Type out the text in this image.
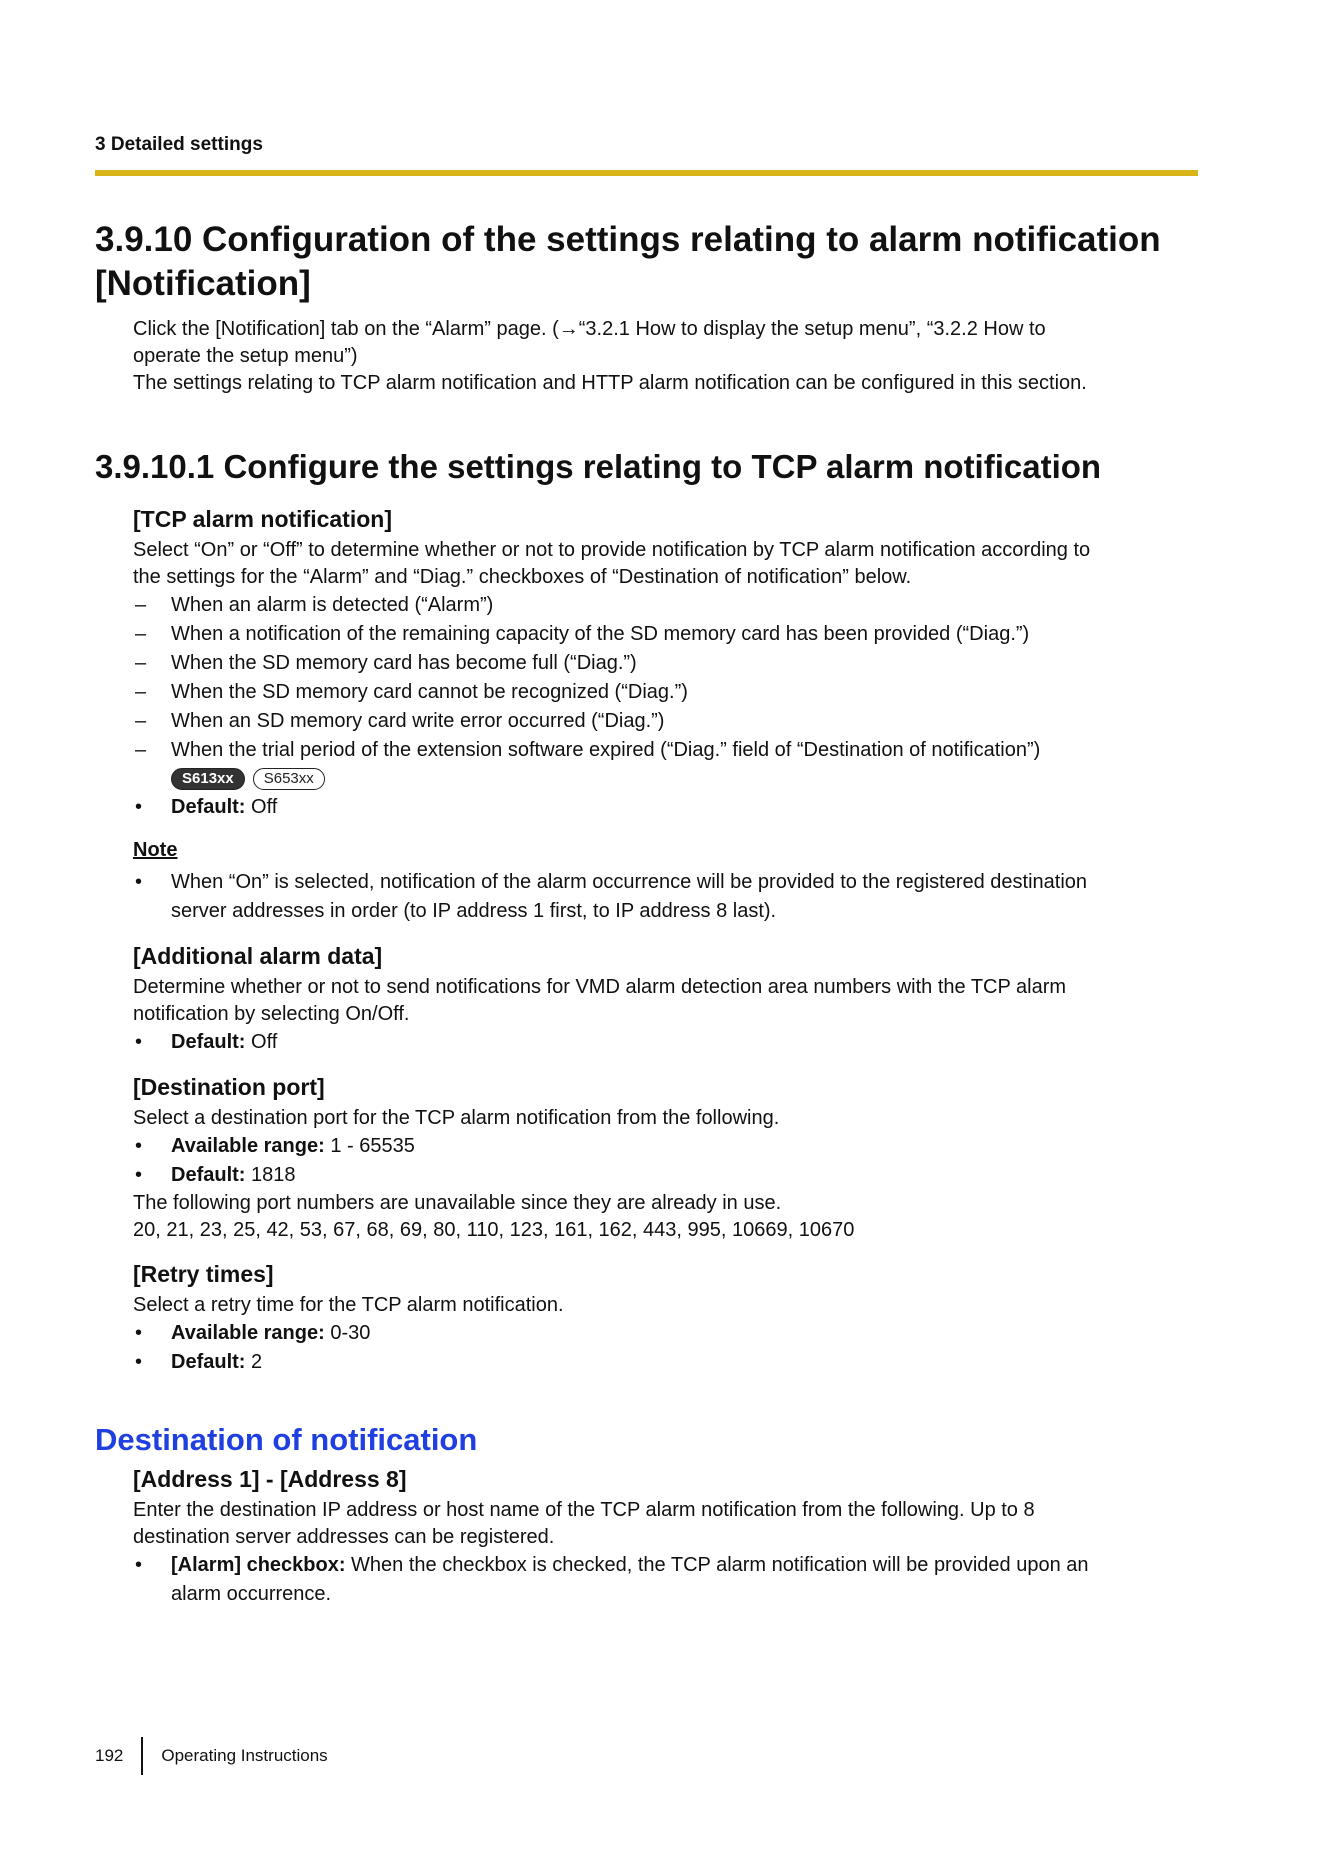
3 Detailed settings
3.9.10 Configuration of the settings relating to alarm notification
[Notification]

Click the [Notification] tab on the “Alarm” page. (→“3.2.1 How to display the setup menu”, “3.2.2 How to

operate the setup menu”)

The settings relating to TCP alarm notification and HTTP alarm notification can be configured in this section.

3.9.10.1 Configure the settings relating to TCP alarm notification
[TCP alarm notification]

Select “On” or “Off” to determine whether or not to provide notification by TCP alarm notification according to

the settings for the “Alarm” and “Diag.” checkboxes of “Destination of notification” below.

–	When an alarm is detected (“Alarm”)
–	When a notification of the remaining capacity of the SD memory card has been provided (“Diag.”)
–	When the SD memory card has become full (“Diag.”)
–	When the SD memory card cannot be recognized (“Diag.”)
–	When an SD memory card write error occurred (“Diag.”)
–	When the trial period of the extension software expired (“Diag.” field of “Destination of notification”)
S613xx	S653xx
•	Default: Off
Note
•	When “On” is selected, notification of the alarm occurrence will be provided to the registered destination
server addresses in order (to IP address 1 first, to IP address 8 last).
[Additional alarm data]

Determine whether or not to send notifications for VMD alarm detection area numbers with the TCP alarm

notification by selecting On/Off.

•	Default: Off
[Destination port]

Select a destination port for the TCP alarm notification from the following.

•	Available range: 1 - 65535
•	Default: 1818

The following port numbers are unavailable since they are already in use.

20, 21, 23, 25, 42, 53, 67, 68, 69, 80, 110, 123, 161, 162, 443, 995, 10669, 10670

[Retry times]

Select a retry time for the TCP alarm notification.

•	Available range: 0-30
•	Default: 2
Destination of notification
[Address 1] - [Address 8]

Enter the destination IP address or host name of the TCP alarm notification from the following. Up to 8

destination server addresses can be registered.

•	[Alarm] checkbox: When the checkbox is checked, the TCP alarm notification will be provided upon an
alarm occurrence.
192 Operating Instructions
